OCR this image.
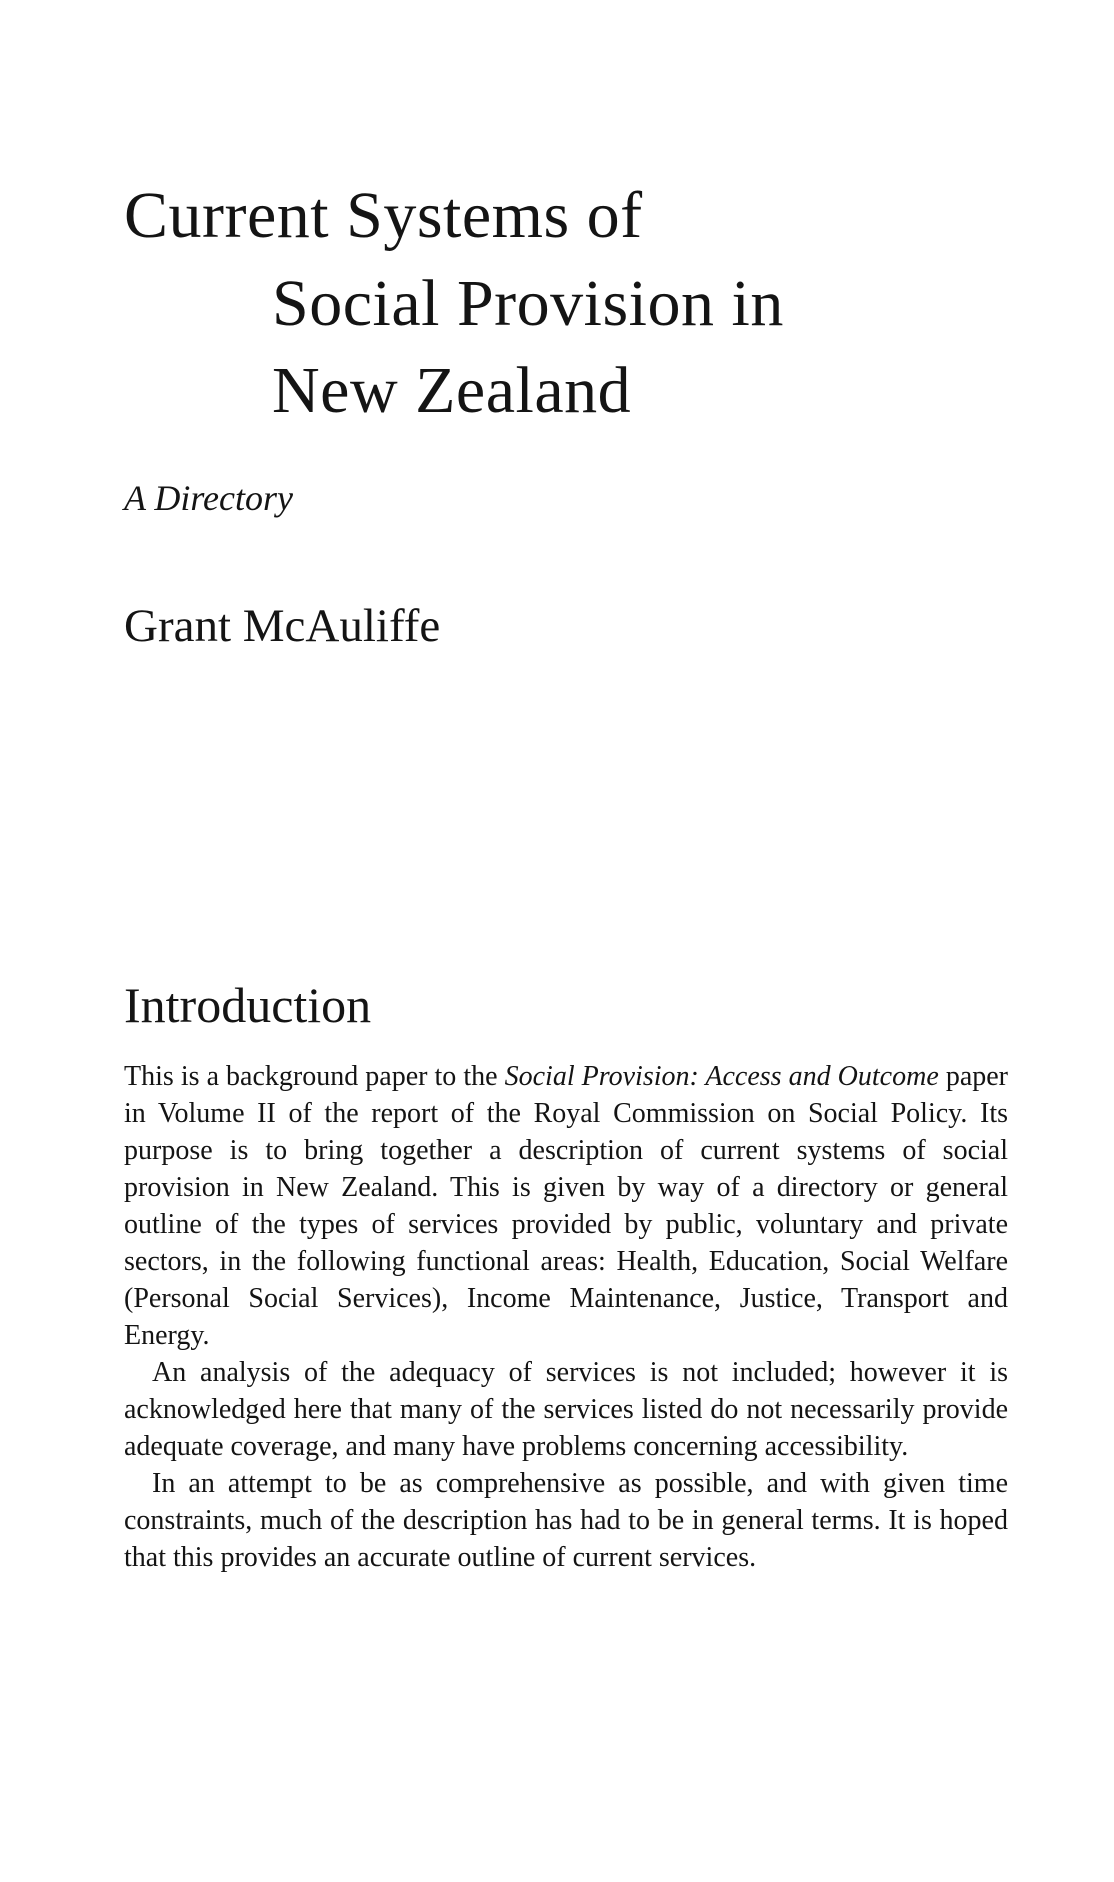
Current Systems of
Social Provision in
New Zealand
A Directory
Grant McAuliffe
Introduction

This is a background paper to the Social Provision: Access and Outcome paper in Volume II of the report of the Royal Commission on Social Policy. Its purpose is to bring together a description of current systems of social provision in New Zealand. This is given by way of a directory or general outline of the types of services provided by public, voluntary and private sectors, in the following functional areas: Health, Education, Social Welfare (Personal Social Services), Income Maintenance, Justice, Transport and Energy.

An analysis of the adequacy of services is not included; however it is acknowledged here that many of the services listed do not necessarily provide adequate coverage, and many have problems concerning accessibility.

In an attempt to be as comprehensive as possible, and with given time constraints, much of the description has had to be in general terms. It is hoped that this provides an accurate outline of current services.
